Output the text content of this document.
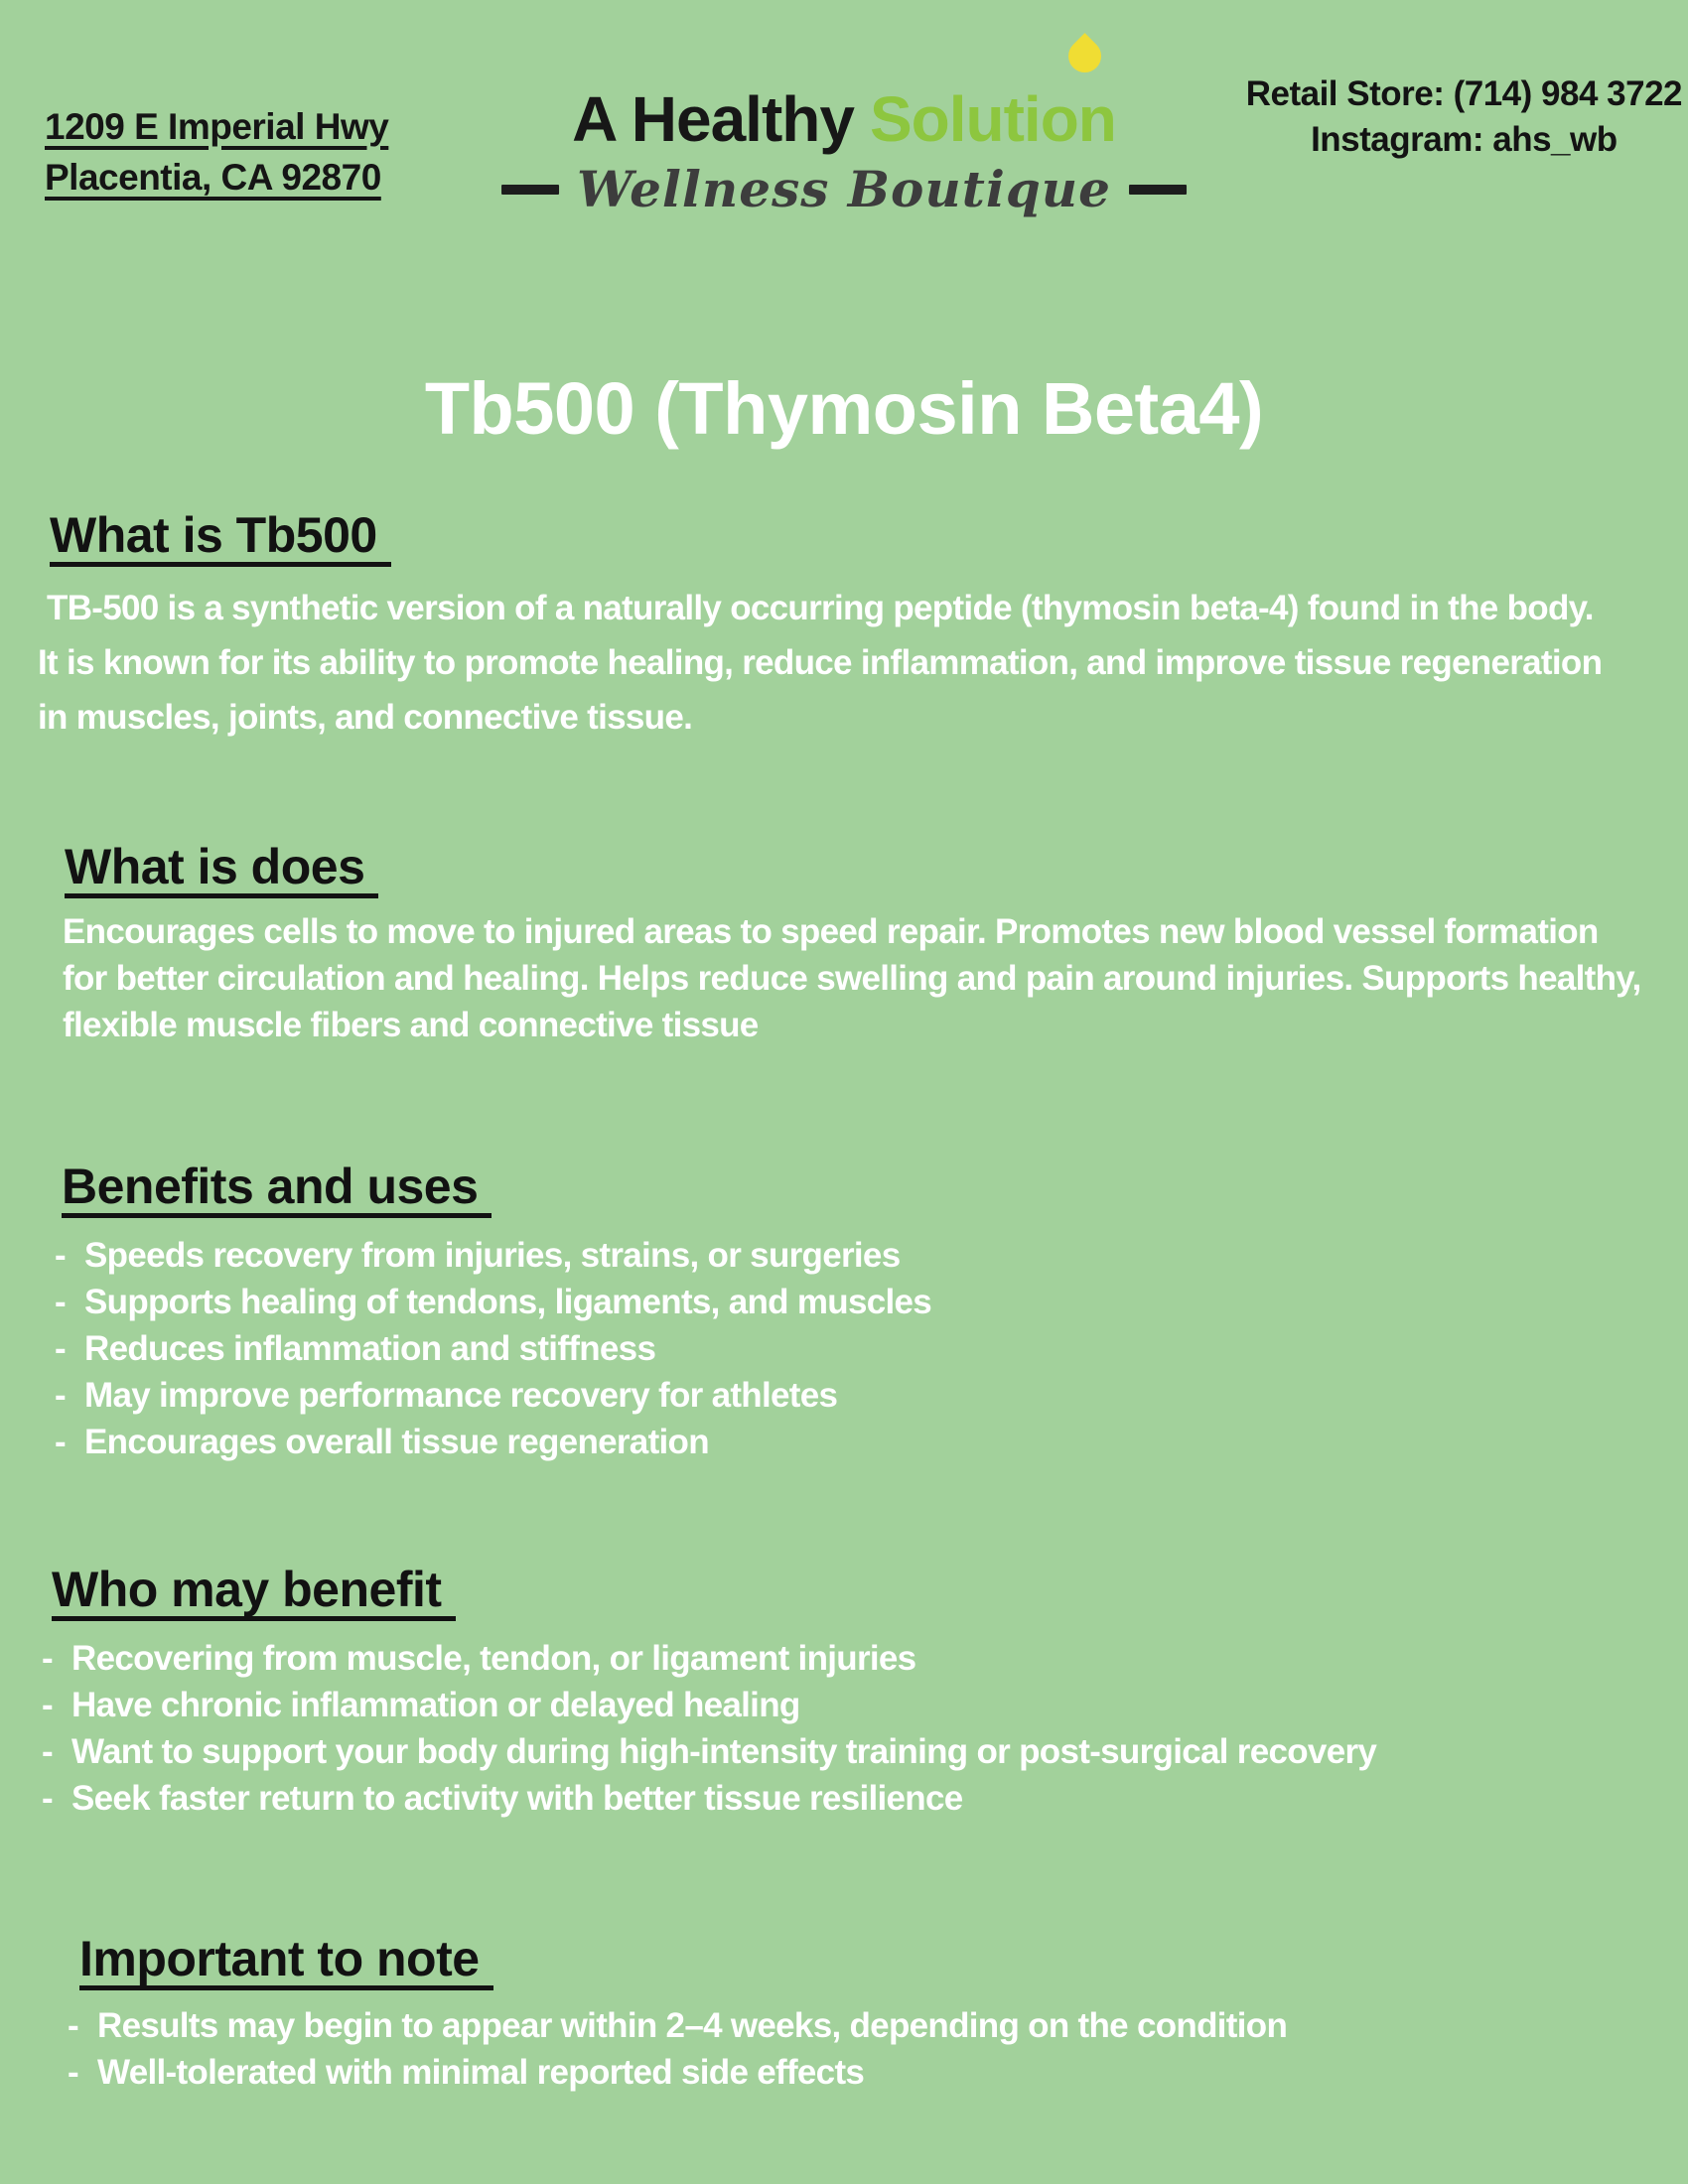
1209 E Imperial Hwy
Placentia, CA 92870
A Healthy Solution
Wellness Boutique
Retail Store: (714) 984 3722
Instagram: ahs_wb
Tb500 (Thymosin Beta4)
What is Tb500
TB-500 is a synthetic version of a naturally occurring peptide (thymosin beta-4) found in the body. It is known for its ability to promote healing, reduce inflammation, and improve tissue regeneration in muscles, joints, and connective tissue.
What is does
Encourages cells to move to injured areas to speed repair. Promotes new blood vessel formation for better circulation and healing. Helps reduce swelling and pain around injuries. Supports healthy, flexible muscle fibers and connective tissue
Benefits and uses
- Speeds recovery from injuries, strains, or surgeries
- Supports healing of tendons, ligaments, and muscles
- Reduces inflammation and stiffness
- May improve performance recovery for athletes
- Encourages overall tissue regeneration
Who may benefit
- Recovering from muscle, tendon, or ligament injuries
- Have chronic inflammation or delayed healing
- Want to support your body during high-intensity training or post-surgical recovery
- Seek faster return to activity with better tissue resilience
Important to note
- Results may begin to appear within 2–4 weeks, depending on the condition
- Well-tolerated with minimal reported side effects
